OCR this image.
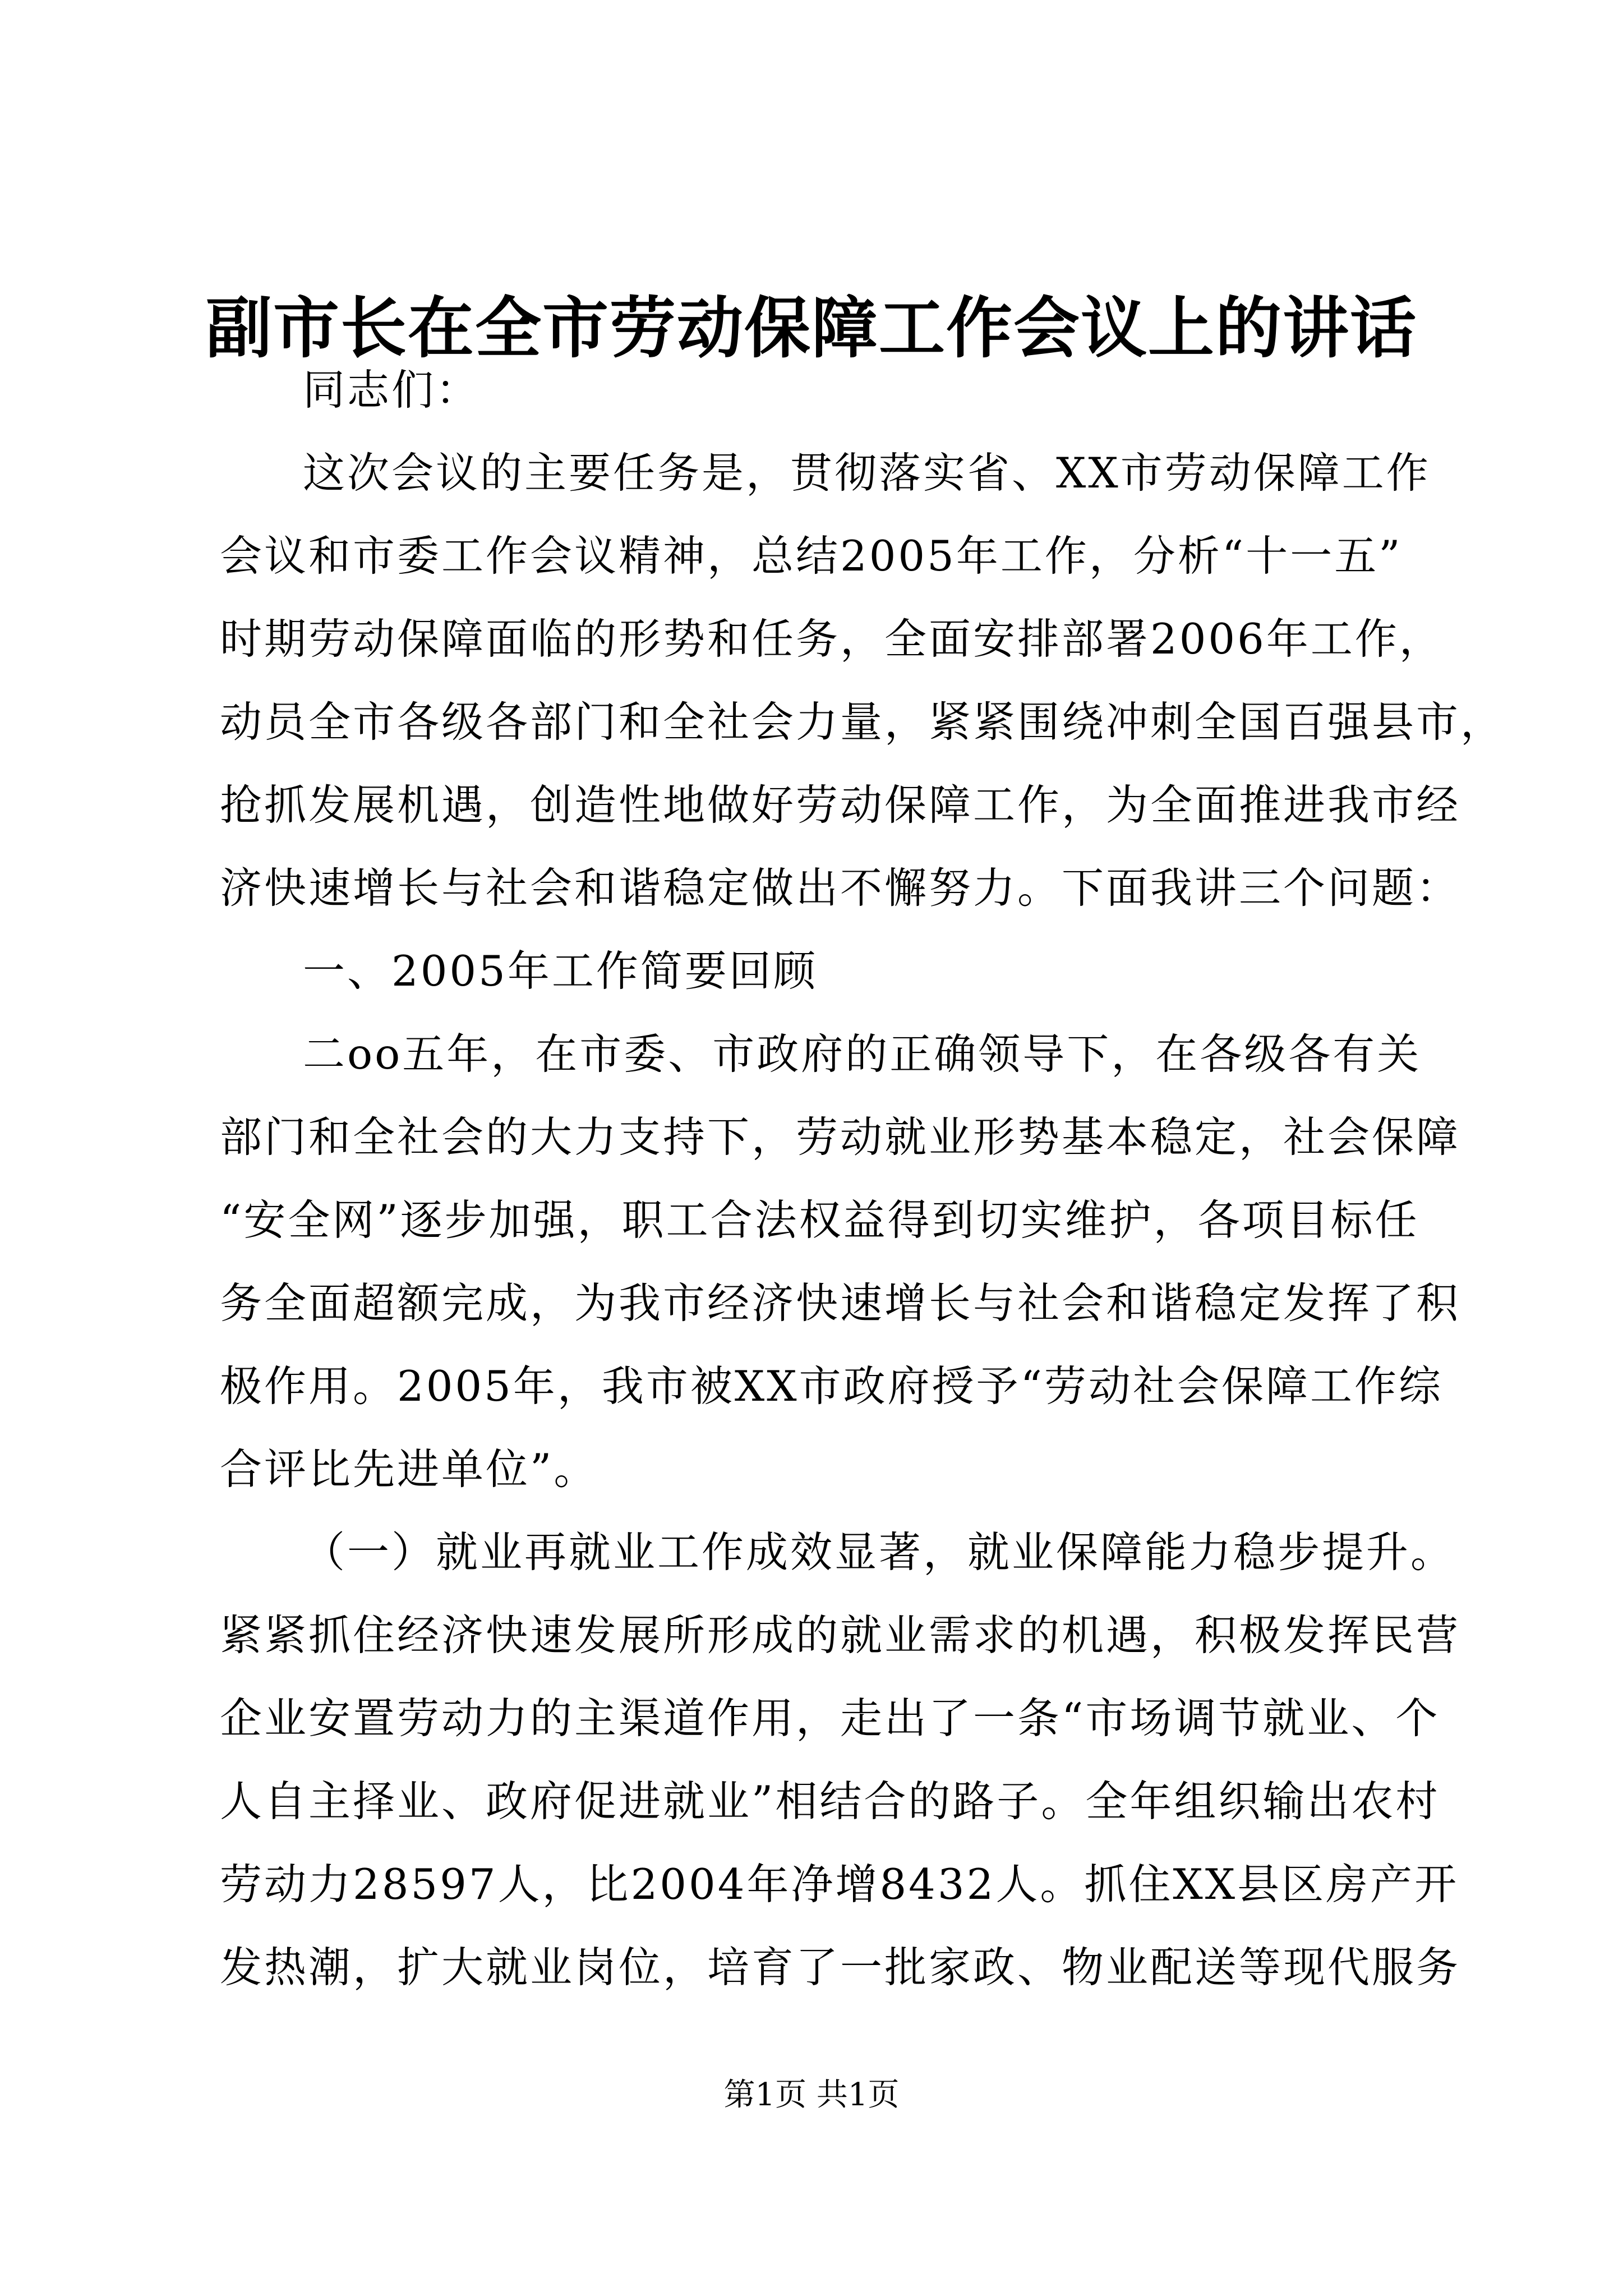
副市长在全市劳动保障工作会议上的讲话
同志们：
这次会议的主要任务是，贯彻落实省、XX市劳动保障工作
会议和市委工作会议精神，总结2005年工作，分析“十一五”
时期劳动保障面临的形势和任务，全面安排部署2006年工作，
动员全市各级各部门和全社会力量，紧紧围绕冲刺全国百强县市，
抢抓发展机遇，创造性地做好劳动保障工作，为全面推进我市经
济快速增长与社会和谐稳定做出不懈努力。下面我讲三个问题：
一、2005年工作简要回顾
二oo五年，在市委、市政府的正确领导下，在各级各有关
部门和全社会的大力支持下，劳动就业形势基本稳定，社会保障
“安全网”逐步加强，职工合法权益得到切实维护，各项目标任
务全面超额完成，为我市经济快速增长与社会和谐稳定发挥了积
极作用。2005年，我市被XX市政府授予“劳动社会保障工作综
合评比先进单位”。
（一）就业再就业工作成效显著，就业保障能力稳步提升。
紧紧抓住经济快速发展所形成的就业需求的机遇，积极发挥民营
企业安置劳动力的主渠道作用，走出了一条“市场调节就业、个
人自主择业、政府促进就业”相结合的路子。全年组织输出农村
第1页 共1页
劳动力28597人，比2004年净增8432人。抓住XX县区房产开
发热潮，扩大就业岗位，培育了一批家政、物业配送等现代服务
